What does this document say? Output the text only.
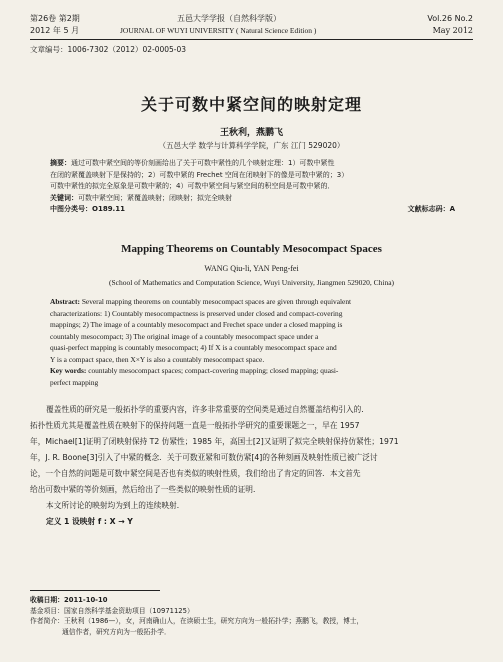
第26卷 第2期	五邑大学学报（自然科学版）	Vol.26 No.2
2012 年 5 月	JOURNAL OF WUYI UNIVERSITY ( Natural Science Edition )	May 2012
文章编号：1006-7302（2012）02-0005-03
关于可数中紧空间的映射定理
王秋利，燕鹏飞
（五邑大学 数学与计算科学学院，广东 江门 529020）
摘要：通过可数中紧空间的等价刻画给出了关于可数中紧性的几个映射定理：1）可数中紧性
在闭的紧覆盖映射下是保持的；2）可数中紧的 Frechet 空间在闭映射下的像是可数中紧的；3）
可数中紧性的拟完全原象是可数中紧的；4）可数中紧空间与紧空间的积空间是可数中紧的．
关键词：可数中紧空间；紧覆盖映射；闭映射；拟完全映射
中图分类号：O189.11	文献标志码：A
Mapping Theorems on Countably Mesocompact Spaces
WANG Qiu-li, YAN Peng-fei
(School of Mathematics and Computation Science, Wuyi University, Jiangmen 529020, China)
Abstract: Several mapping theorems on countably mesocompact spaces are given through equivalent
characterizations: 1) Countably mesocompactness is preserved under closed and compact-covering
mappings; 2) The image of a countably mesocompact and Frechet space under a closed mapping is
countably mesocompact; 3) The original image of a countably mesocompact space under a
quasi-perfect mapping is countably mesocompact; 4) If X is a countably mesocompact space and
Y is a compact space, then X×Y is also a countably mesocompact space.
Key words: countably mesocompact spaces; compact-covering mapping; closed mapping; quasi-
perfect mapping
覆盖性质的研究是一般拓扑学的重要内容，许多非常重要的空间类是通过自然覆盖结构引入的．
拓扑性质尤其是覆盖性质在映射下的保持问题一直是一般拓扑学研究的重要课题之一，早在 1957
年，Michael[1]证明了闭映射保持 T2 仿紧性；1985 年，高国士[2]又证明了拟完全映射保持仿紧性；1971
年，J. R. Boone[3]引入了中紧的概念．关于可数亚紧和可数仿紧[4]的各种刻画及映射性质已被广泛讨
论，一个自然的问题是可数中紧空间是否也有类似的映射性质，我们给出了肯定的回答．本文首先
给出可数中紧的等价刻画，然后给出了一些类似的映射性质的证明．
本文所讨论的映射均为到上的连续映射．
定义 1 设映射 f : X → Y
收稿日期：2011-10-10
基金项目：国家自然科学基金资助项目（10971125）
作者简介：王秋利（1986—），女，河南确山人，在读硕士生，研究方向为一般拓扑学；燕鹏飞，教授，博士，
通信作者，研究方向为一般拓扑学．
